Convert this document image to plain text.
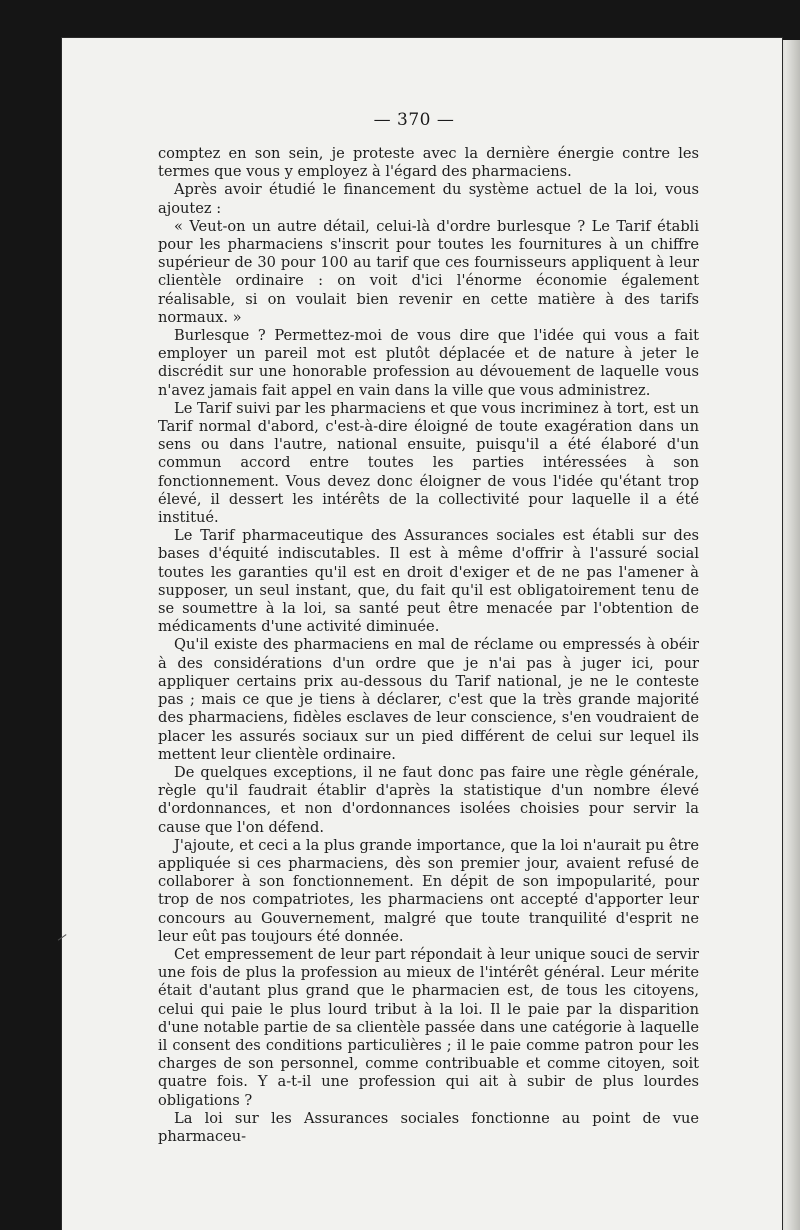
— 370 —

comptez en son sein, je proteste avec la dernière énergie contre les termes que vous y employez à l'égard des pharmaciens.

Après avoir étudié le financement du système actuel de la loi, vous ajoutez :

« Veut-on un autre détail, celui-là d'ordre burlesque ? Le Tarif établi pour les pharmaciens s'inscrit pour toutes les fournitures à un chiffre supérieur de 30 pour 100 au tarif que ces fournisseurs appliquent à leur clientèle ordinaire : on voit d'ici l'énorme économie également réalisable, si on voulait bien revenir en cette matière à des tarifs normaux. »

Burlesque ? Permettez-moi de vous dire que l'idée qui vous a fait employer un pareil mot est plutôt déplacée et de nature à jeter le discrédit sur une honorable profession au dévouement de laquelle vous n'avez jamais fait appel en vain dans la ville que vous administrez.

Le Tarif suivi par les pharmaciens et que vous incriminez à tort, est un Tarif normal d'abord, c'est-à-dire éloigné de toute exagération dans un sens ou dans l'autre, national ensuite, puisqu'il a été élaboré d'un commun accord entre toutes les parties intéressées à son fonctionnement. Vous devez donc éloigner de vous l'idée qu'étant trop élevé, il dessert les intérêts de la collectivité pour laquelle il a été institué.

Le Tarif pharmaceutique des Assurances sociales est établi sur des bases d'équité indiscutables. Il est à même d'offrir à l'assuré social toutes les garanties qu'il est en droit d'exiger et de ne pas l'amener à supposer, un seul instant, que, du fait qu'il est obligatoirement tenu de se soumettre à la loi, sa santé peut être menacée par l'obtention de médicaments d'une activité diminuée.

Qu'il existe des pharmaciens en mal de réclame ou empressés à obéir à des considérations d'un ordre que je n'ai pas à juger ici, pour appliquer certains prix au-dessous du Tarif national, je ne le conteste pas ; mais ce que je tiens à déclarer, c'est que la très grande majorité des pharmaciens, fidèles esclaves de leur conscience, s'en voudraient de placer les assurés sociaux sur un pied différent de celui sur lequel ils mettent leur clientèle ordinaire.

De quelques exceptions, il ne faut donc pas faire une règle générale, règle qu'il faudrait établir d'après la statistique d'un nombre élevé d'ordonnances, et non d'ordonnances isolées choisies pour servir la cause que l'on défend.

J'ajoute, et ceci a la plus grande importance, que la loi n'aurait pu être appliquée si ces pharmaciens, dès son premier jour, avaient refusé de collaborer à son fonctionnement. En dépit de son impopularité, pour trop de nos compatriotes, les pharmaciens ont accepté d'apporter leur concours au Gouvernement, malgré que toute tranquilité d'esprit ne leur eût pas toujours été donnée.

Cet empressement de leur part répondait à leur unique souci de servir une fois de plus la profession au mieux de l'intérêt général. Leur mérite était d'autant plus grand que le pharmacien est, de tous les citoyens, celui qui paie le plus lourd tribut à la loi. Il le paie par la disparition d'une notable partie de sa clientèle passée dans une catégorie à laquelle il consent des conditions particulières ; il le paie comme patron pour les charges de son personnel, comme contribuable et comme citoyen, soit quatre fois. Y a-t-il une profession qui ait à subir de plus lourdes obligations ?

La loi sur les Assurances sociales fonctionne au point de vue pharmaceu-
